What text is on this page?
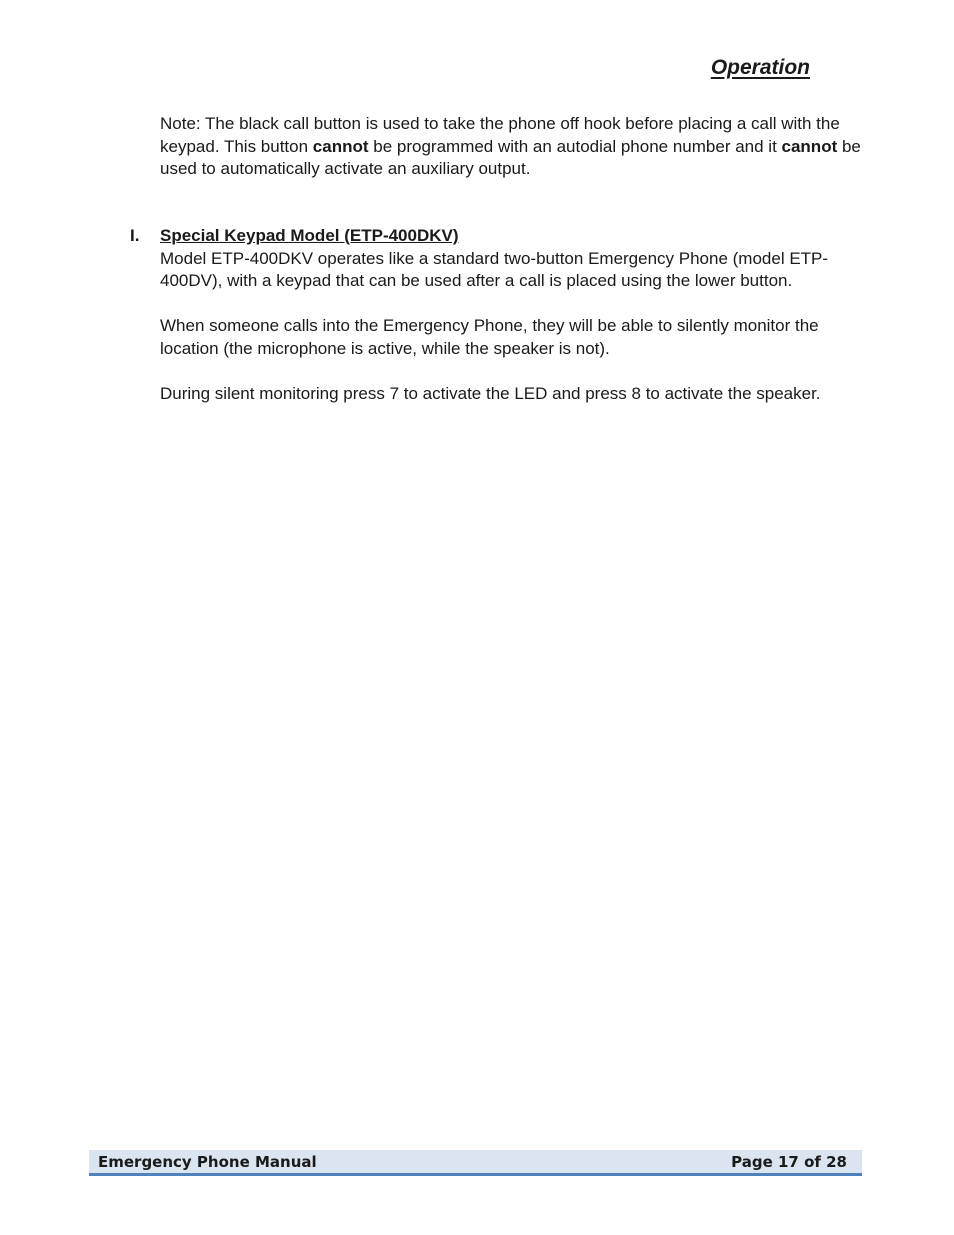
Operation

Note: The black call button is used to take the phone off hook before placing a call with the keypad. This button cannot be programmed with an autodial phone number and it cannot be used to automatically activate an auxiliary output.

I.	Special Keypad Model (ETP-400DKV)

Model ETP-400DKV operates like a standard two-button Emergency Phone (model ETP-400DV), with a keypad that can be used after a call is placed using the lower button.

When someone calls into the Emergency Phone, they will be able to silently monitor the location (the microphone is active, while the speaker is not).

During silent monitoring press 7 to activate the LED and press 8 to activate the speaker.

Emergency Phone Manual	Page 17 of 28
